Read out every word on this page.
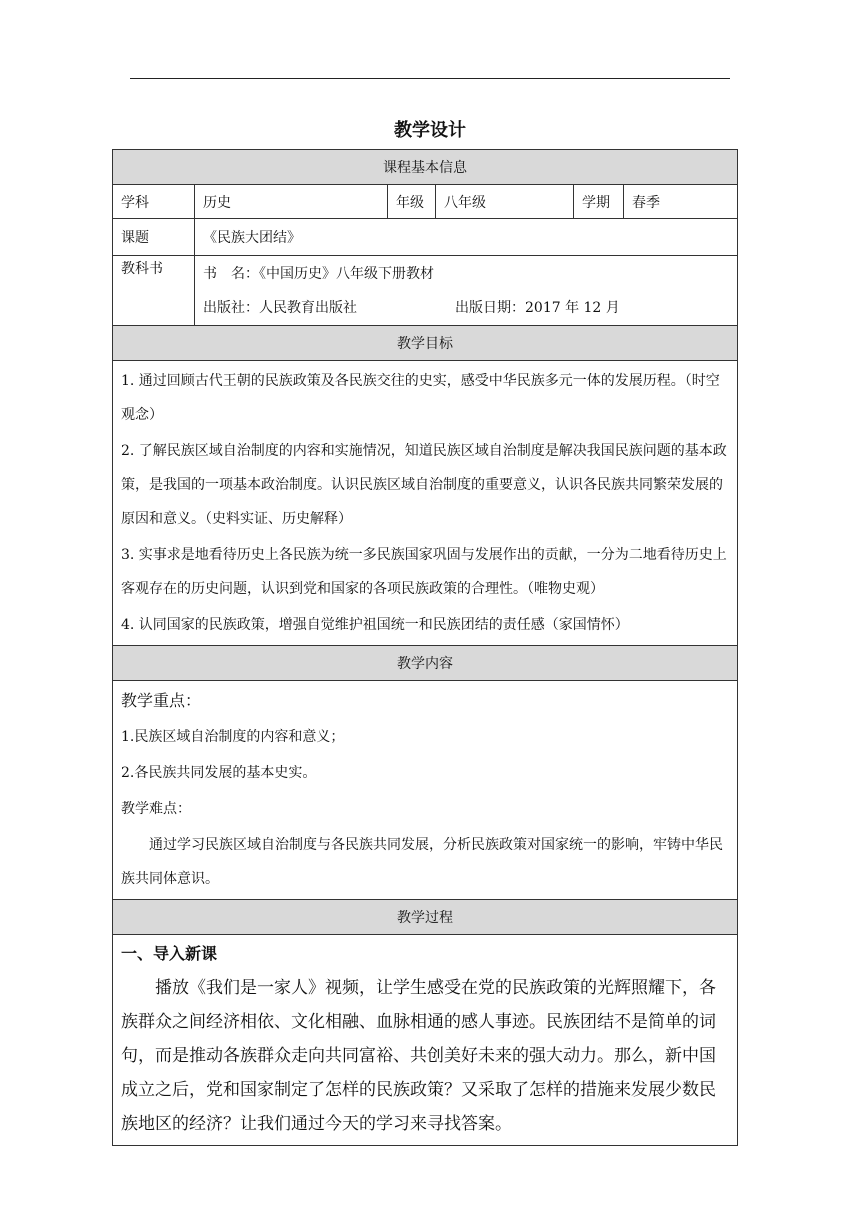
教学设计
课程基本信息					
学科	历史	年级	八年级	学期	春季
课题	《民族大团结》				
教科书	书 名：《中国历史》八年级下册教材

出版社：人民教育出版社 出版日期：2017 年 12 月				

教学目标					

1. 通过回顾古代王朝的民族政策及各民族交往的史实，感受中华民族多元一体的发展历程。（时空观念）

2. 了解民族区域自治制度的内容和实施情况，知道民族区域自治制度是解决我国民族问题的基本政策，是我国的一项基本政治制度。认识民族区域自治制度的重要意义，认识各民族共同繁荣发展的原因和意义。（史料实证、历史解释）

3. 实事求是地看待历史上各民族为统一多民族国家巩固与发展作出的贡献，一分为二地看待历史上客观存在的历史问题，认识到党和国家的各项民族政策的合理性。（唯物史观）

4. 认同国家的民族政策，增强自觉维护祖国统一和民族团结的责任感（家国情怀）					

教学内容					

教学重点：

1.民族区域自治制度的内容和意义；

2.各民族共同发展的基本史实。

教学难点：

通过学习民族区域自治制度与各民族共同发展，分析民族政策对国家统一的影响，牢铸中华民族共同体意识。					

教学过程					

一、导入新课

播放《我们是一家人》视频，让学生感受在党的民族政策的光辉照耀下，各族群众之间经济相依、文化相融、血脉相通的感人事迹。民族团结不是简单的词句，而是推动各族群众走向共同富裕、共创美好未来的强大动力。那么，新中国成立之后，党和国家制定了怎样的民族政策？又采取了怎样的措施来发展少数民族地区的经济？让我们通过今天的学习来寻找答案。					
